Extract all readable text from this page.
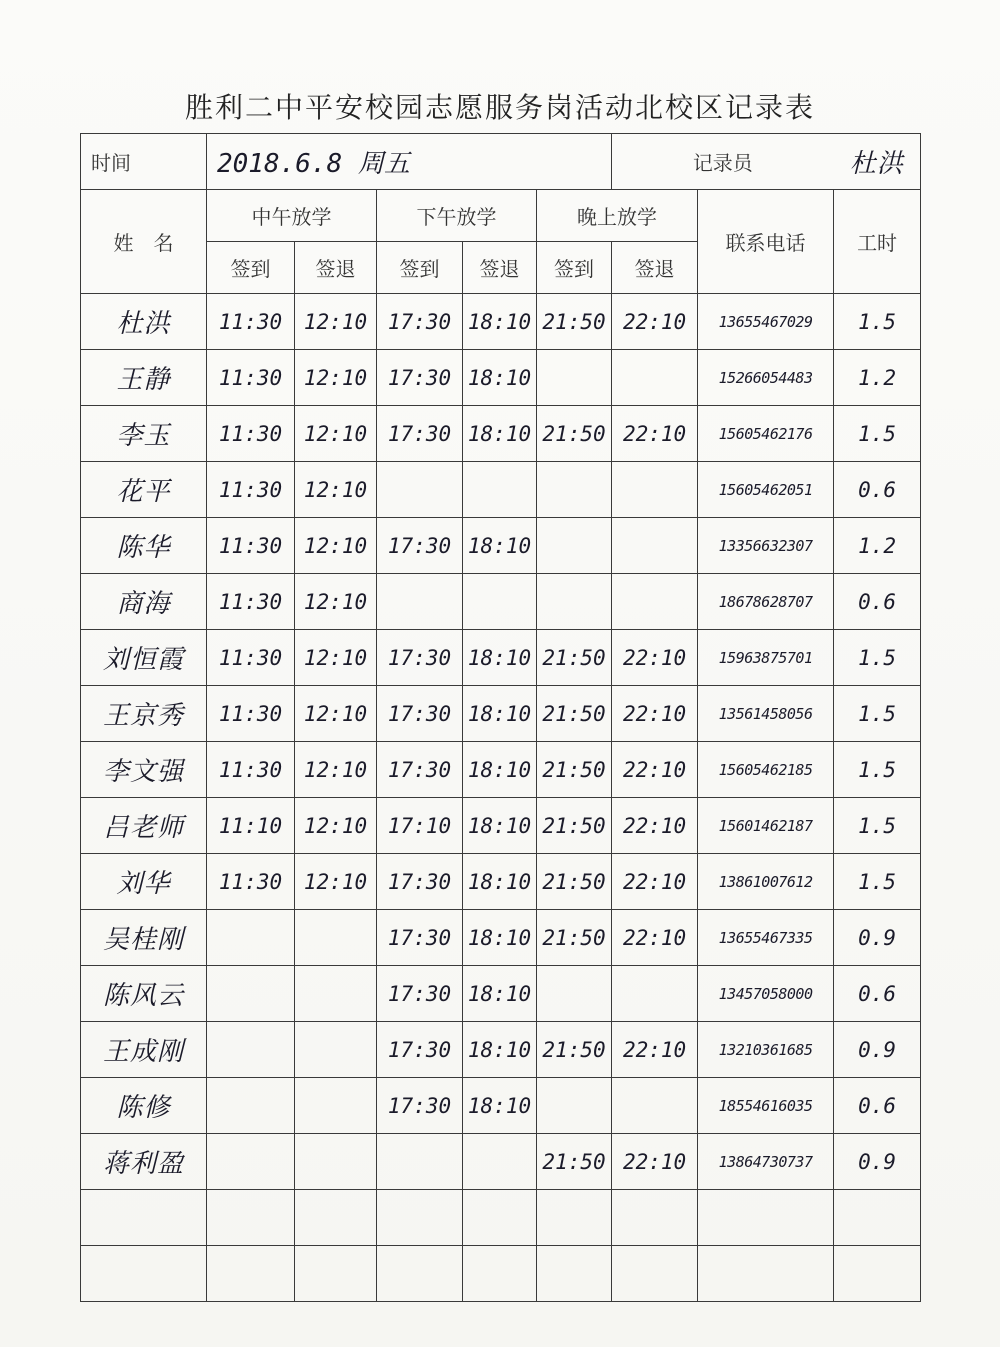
胜利二中平安校园志愿服务岗活动北校区记录表
时间	2018.6.8 周五					记录员		杜洪
姓　名	中午放学		下午放学		晚上放学		联系电话	工时
	签到	签退	签到	签退	签到	签退		
杜洪	11:30	12:10	17:30	18:10	21:50	22:10	13655467029	1.5
王静	11:30	12:10	17:30	18:10			15266054483	1.2
李玉	11:30	12:10	17:30	18:10	21:50	22:10	15605462176	1.5
花平	11:30	12:10					15605462051	0.6
陈华	11:30	12:10	17:30	18:10			13356632307	1.2
商海	11:30	12:10					18678628707	0.6
刘恒霞	11:30	12:10	17:30	18:10	21:50	22:10	15963875701	1.5
王京秀	11:30	12:10	17:30	18:10	21:50	22:10	13561458056	1.5
李文强	11:30	12:10	17:30	18:10	21:50	22:10	15605462185	1.5
吕老师	11:10	12:10	17:10	18:10	21:50	22:10	15601462187	1.5
刘华	11:30	12:10	17:30	18:10	21:50	22:10	13861007612	1.5
吴桂刚			17:30	18:10	21:50	22:10	13655467335	0.9
陈风云			17:30	18:10			13457058000	0.6
王成刚			17:30	18:10	21:50	22:10	13210361685	0.9
陈修			17:30	18:10			18554616035	0.6
蒋利盈					21:50	22:10	13864730737	0.9
